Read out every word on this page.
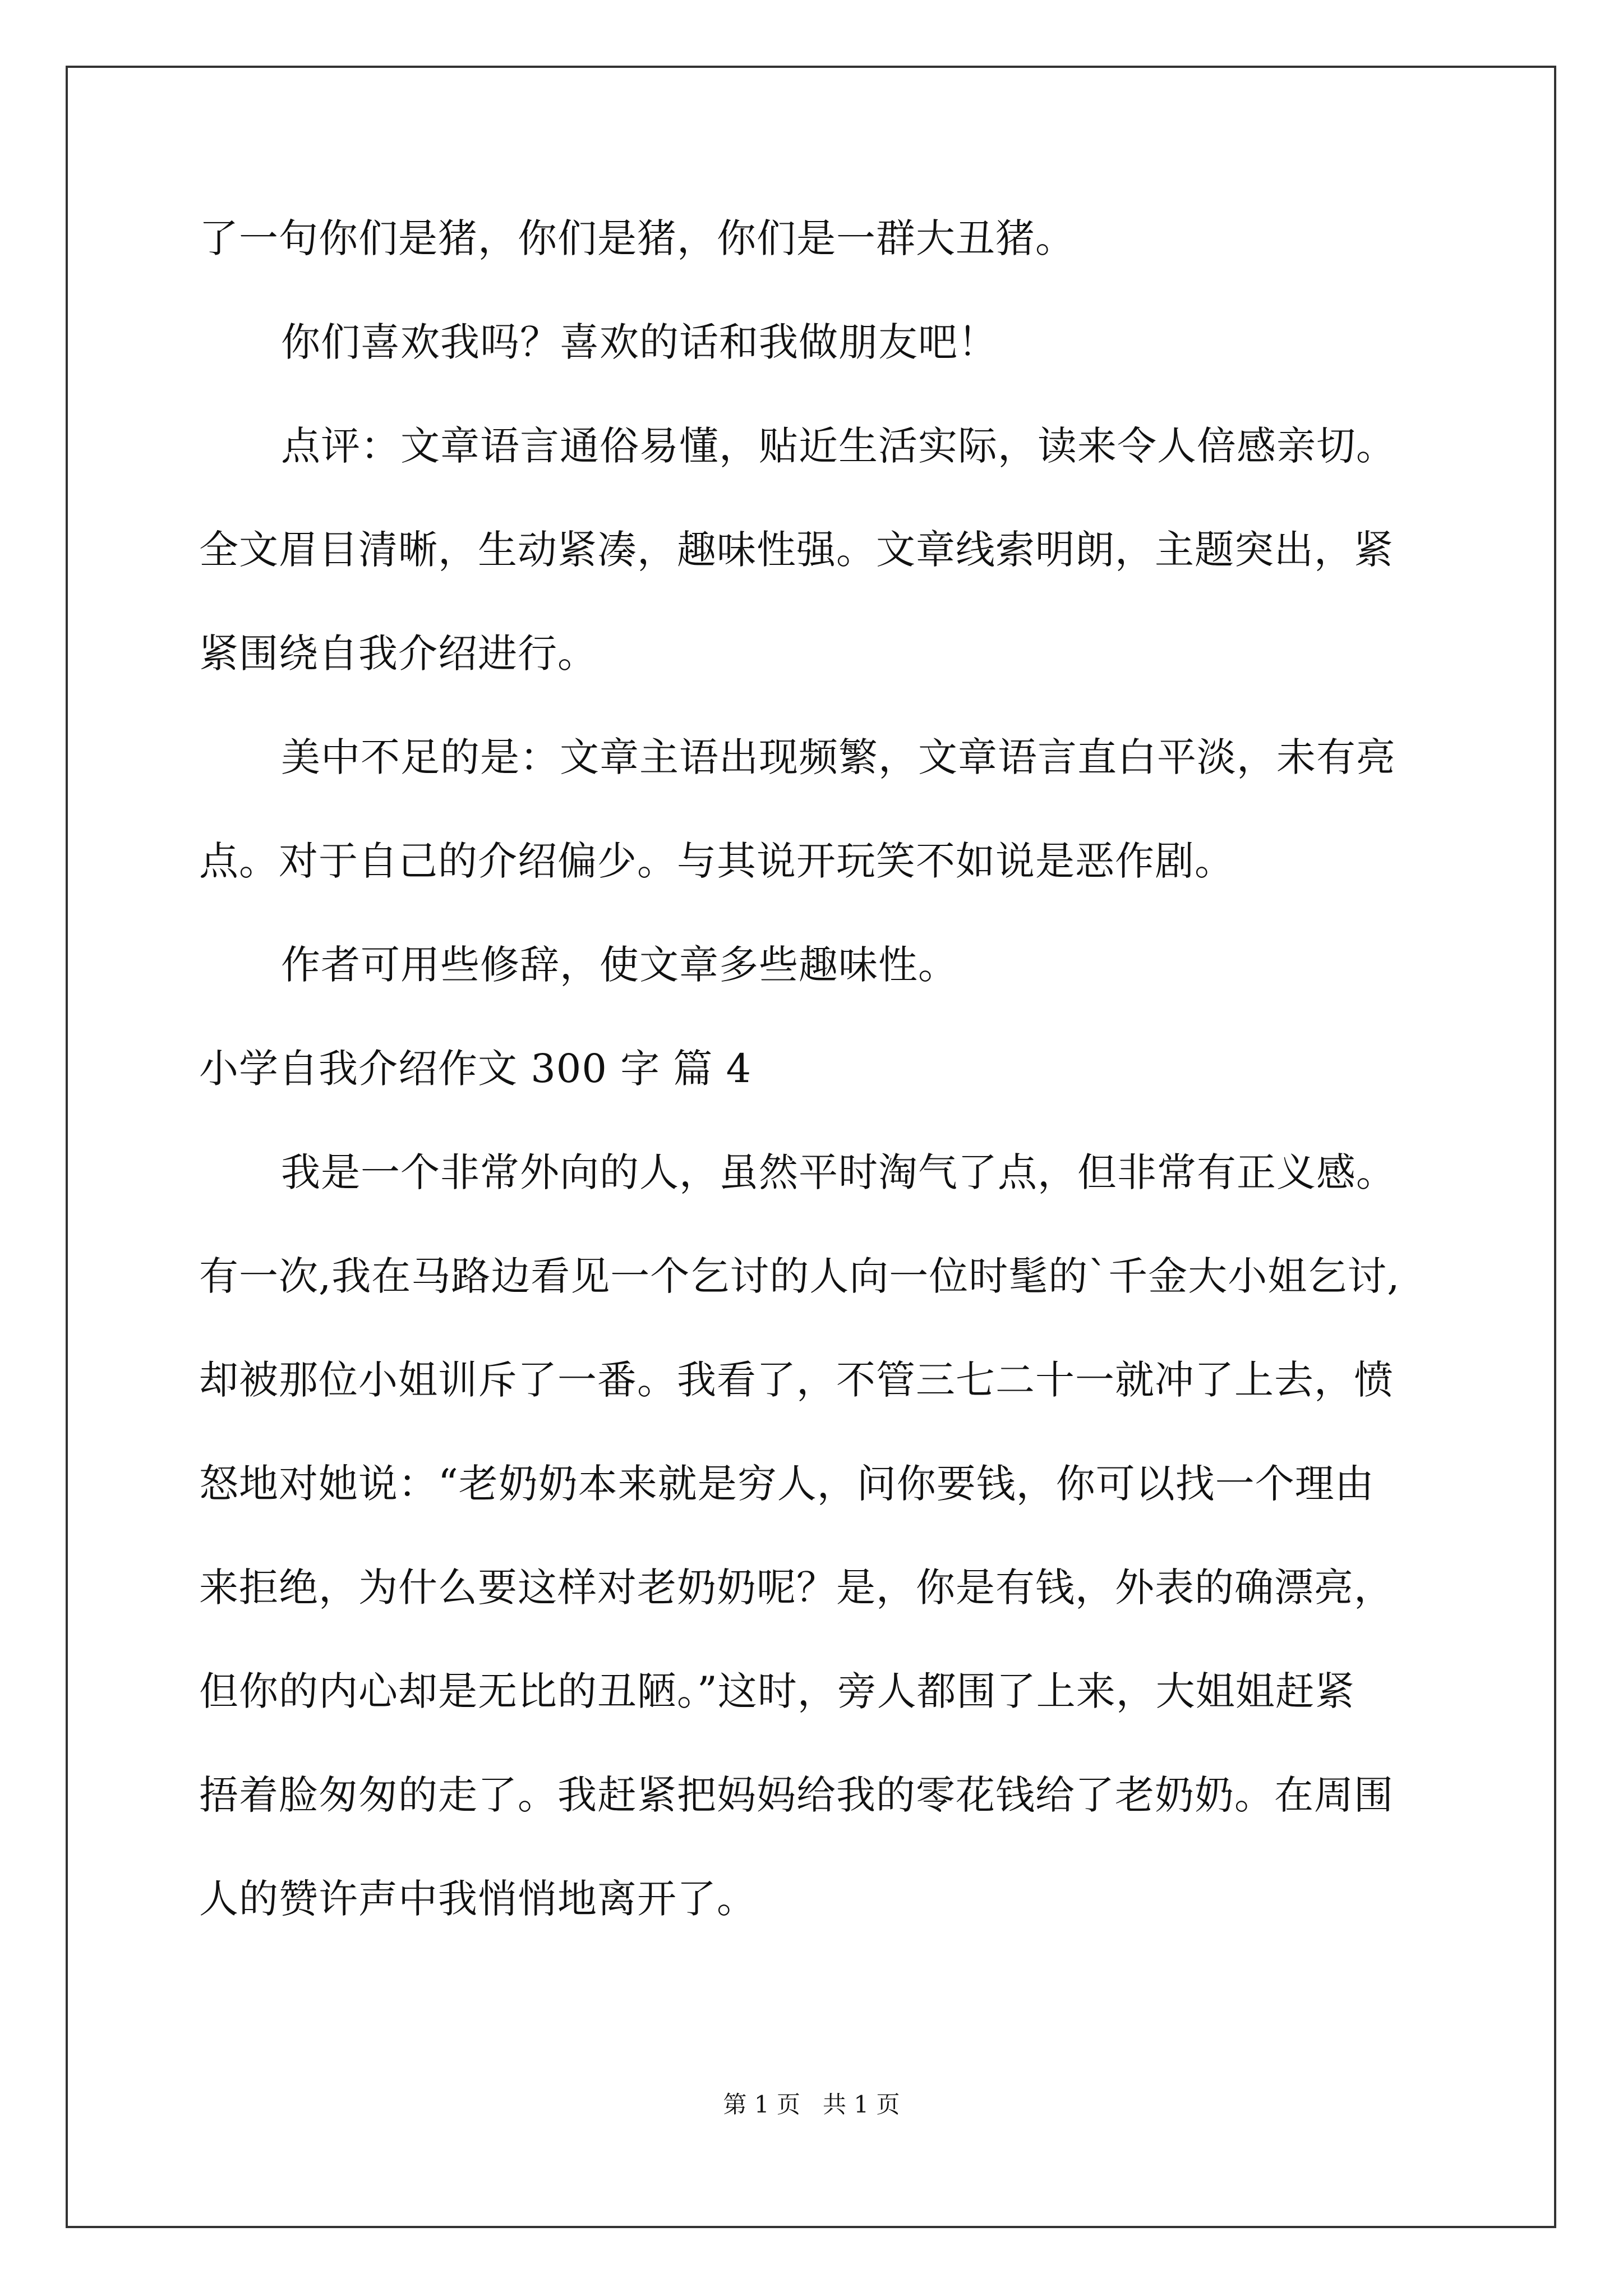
了一句你们是猪，你们是猪，你们是一群大丑猪。
你们喜欢我吗？喜欢的话和我做朋友吧！
点评：文章语言通俗易懂，贴近生活实际，读来令人倍感亲切。
全文眉目清晰，生动紧凑，趣味性强。文章线索明朗，主题突出，紧
紧围绕自我介绍进行。
美中不足的是：文章主语出现频繁，文章语言直白平淡，未有亮
点。对于自己的介绍偏少。与其说开玩笑不如说是恶作剧。
作者可用些修辞，使文章多些趣味性。
小学自我介绍作文 300 字 篇 4
我是一个非常外向的人，虽然平时淘气了点，但非常有正义感。
有一次,我在马路边看见一个乞讨的人向一位时髦的`千金大小姐乞讨,
却被那位小姐训斥了一番。我看了，不管三七二十一就冲了上去，愤
怒地对她说：“老奶奶本来就是穷人，问你要钱，你可以找一个理由
来拒绝，为什么要这样对老奶奶呢？是，你是有钱，外表的确漂亮，
但你的内心却是无比的丑陋。”这时，旁人都围了上来，大姐姐赶紧
捂着脸匆匆的走了。我赶紧把妈妈给我的零花钱给了老奶奶。在周围
人的赞许声中我悄悄地离开了。
第 1 页   共 1 页
